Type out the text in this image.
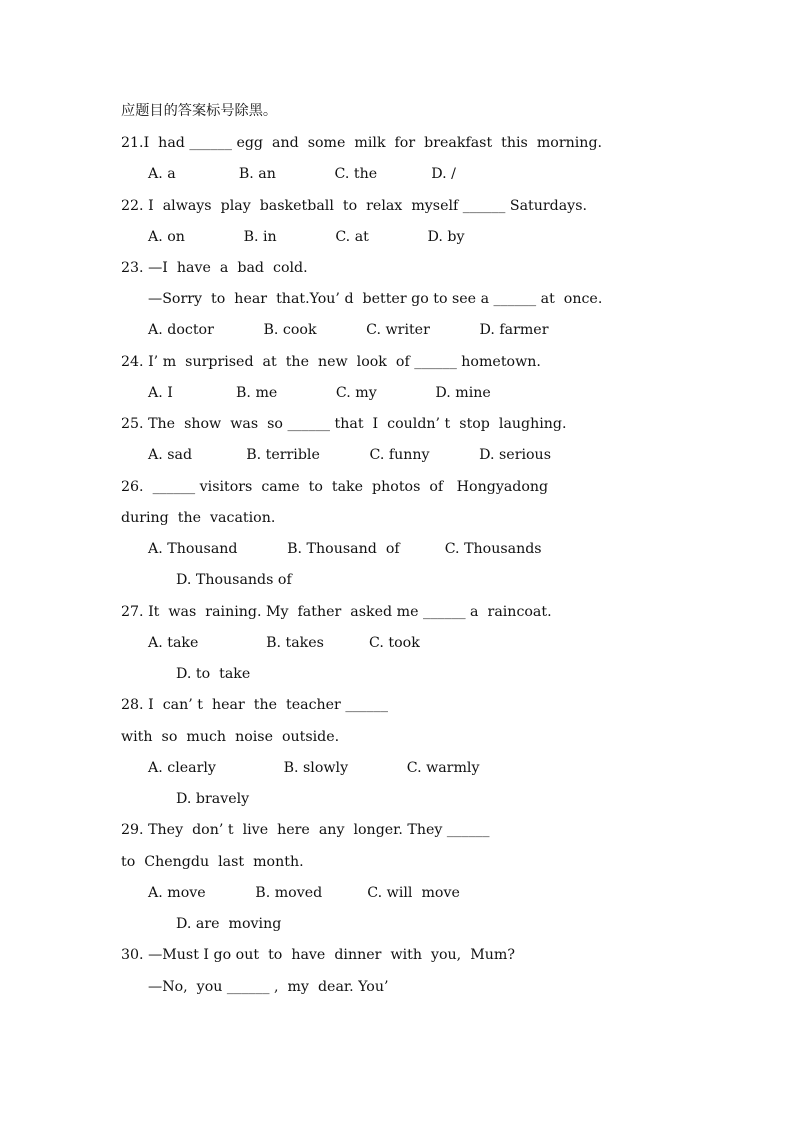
应题目的答案标号除黑。
21.I  had ______ egg  and  some  milk  for  breakfast  this  morning.
A. a              B. an             C. the            D. /
22. I  always  play  basketball  to  relax  myself ______ Saturdays.
A. on             B. in             C. at             D. by
23. —I  have  a  bad  cold.
—Sorry  to  hear  that.You’ d  better go to see a ______ at  once.
A. doctor           B. cook           C. writer           D. farmer
24. I’ m  surprised  at  the  new  look  of ______ hometown.
A. I              B. me             C. my             D. mine
25. The  show  was  so ______ that  I  couldn’ t  stop  laughing.
A. sad            B. terrible           C. funny           D. serious
26.  ______ visitors  came  to  take  photos  of   Hongyadong
during  the  vacation.
A. Thousand           B. Thousand  of          C. Thousands
D. Thousands of
27. It  was  raining. My  father  asked me ______ a  raincoat.
A. take               B. takes          C. took
D. to  take
28. I  can’ t  hear  the  teacher ______
with  so  much  noise  outside.
A. clearly               B. slowly             C. warmly
D. bravely
29. They  don’ t  live  here  any  longer. They ______
to  Chengdu  last  month.
A. move           B. moved          C. will  move
D. are  moving
30. —Must I go out  to  have  dinner  with  you,  Mum?
—No,  you ______ ,  my  dear. You’
